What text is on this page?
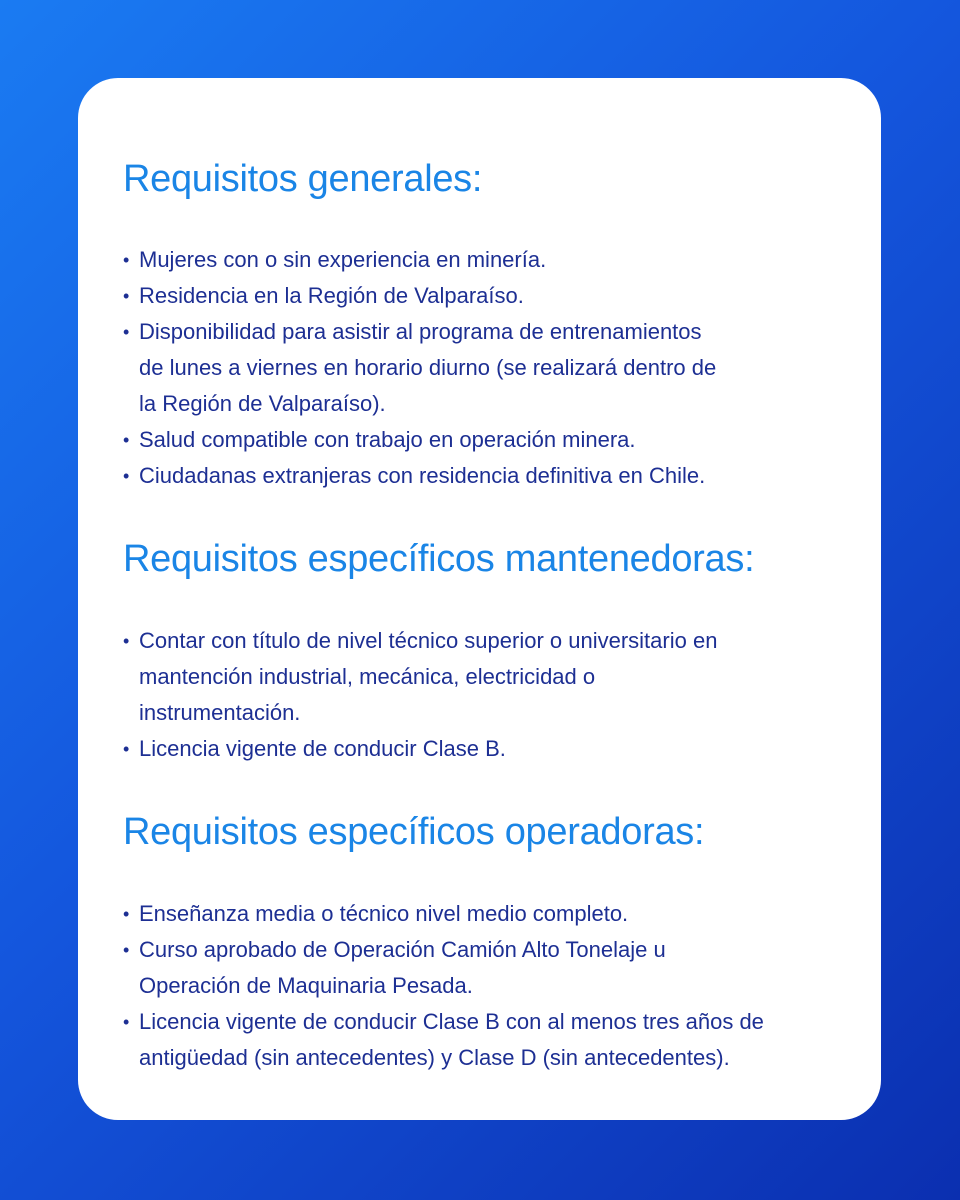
Requisitos generales:
• Mujeres con o sin experiencia en minería.
• Residencia en la Región de Valparaíso.
• Disponibilidad para asistir al programa de entrenamientos
de lunes a viernes en horario diurno (se realizará dentro de
la Región de Valparaíso).
• Salud compatible con trabajo en operación minera.
• Ciudadanas extranjeras con residencia definitiva en Chile.
Requisitos específicos mantenedoras:
• Contar con título de nivel técnico superior o universitario en
mantención industrial, mecánica, electricidad o
instrumentación.
• Licencia vigente de conducir Clase B.
Requisitos específicos operadoras:
• Enseñanza media o técnico nivel medio completo.
• Curso aprobado de Operación Camión Alto Tonelaje u
Operación de Maquinaria Pesada.
• Licencia vigente de conducir Clase B con al menos tres años de
antigüedad (sin antecedentes) y Clase D (sin antecedentes).
